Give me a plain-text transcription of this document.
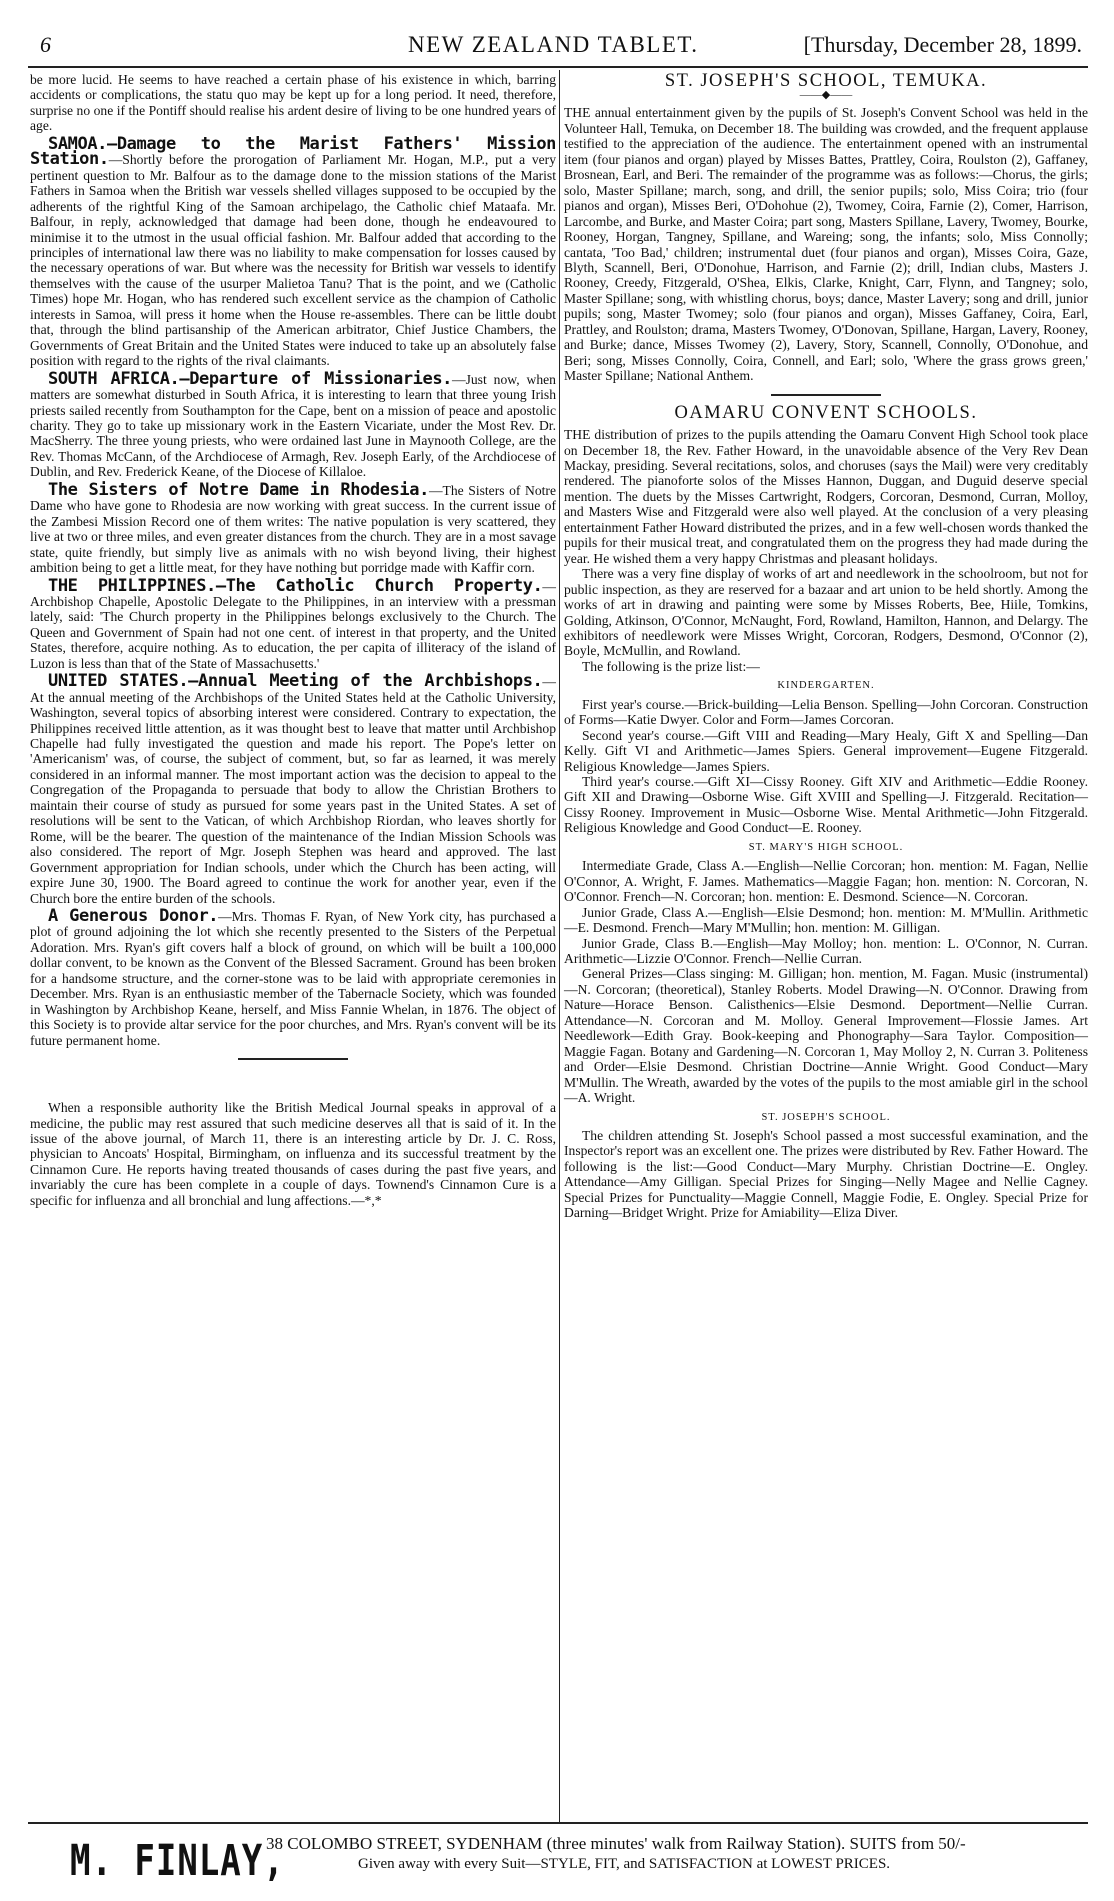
6	NEW ZEALAND TABLET.	[Thursday, December 28, 1899.

be more lucid. He seems to have reached a certain phase of his existence in which, barring accidents or complications, the statu quo may be kept up for a long period. It need, therefore, surprise no one if the Pontiff should realise his ardent desire of living to be one hundred years of age.

SAMOA.—Damage to the Marist Fathers' Mission Station.—Shortly before the prorogation of Parliament Mr. Hogan, M.P., put a very pertinent question to Mr. Balfour as to the damage done to the mission stations of the Marist Fathers in Samoa when the British war vessels shelled villages supposed to be occupied by the adherents of the rightful King of the Samoan archipelago, the Catholic chief Mataafa. Mr. Balfour, in reply, acknowledged that damage had been done, though he endeavoured to minimise it to the utmost in the usual official fashion. Mr. Balfour added that according to the principles of international law there was no liability to make compensation for losses caused by the necessary operations of war. But where was the necessity for British war vessels to identify themselves with the cause of the usurper Malietoa Tanu? That is the point, and we (Catholic Times) hope Mr. Hogan, who has rendered such excellent service as the champion of Catholic interests in Samoa, will press it home when the House re-assembles. There can be little doubt that, through the blind partisanship of the American arbitrator, Chief Justice Chambers, the Governments of Great Britain and the United States were induced to take up an absolutely false position with regard to the rights of the rival claimants.

SOUTH AFRICA.—Departure of Missionaries.—Just now, when matters are somewhat disturbed in South Africa, it is interesting to learn that three young Irish priests sailed recently from Southampton for the Cape, bent on a mission of peace and apostolic charity. They go to take up missionary work in the Eastern Vicariate, under the Most Rev. Dr. MacSherry. The three young priests, who were ordained last June in Maynooth College, are the Rev. Thomas McCann, of the Archdiocese of Armagh, Rev. Joseph Early, of the Archdiocese of Dublin, and Rev. Frederick Keane, of the Diocese of Killaloe.

The Sisters of Notre Dame in Rhodesia.—The Sisters of Notre Dame who have gone to Rhodesia are now working with great success. In the current issue of the Zambesi Mission Record one of them writes: The native population is very scattered, they live at two or three miles, and even greater distances from the church. They are in a most savage state, quite friendly, but simply live as animals with no wish beyond living, their highest ambition being to get a little meat, for they have nothing but porridge made with Kaffir corn.

THE PHILIPPINES.—The Catholic Church Property.—Archbishop Chapelle, Apostolic Delegate to the Philippines, in an interview with a pressman lately, said: 'The Church property in the Philippines belongs exclusively to the Church. The Queen and Government of Spain had not one cent. of interest in that property, and the United States, therefore, acquire nothing. As to education, the per capita of illiteracy of the island of Luzon is less than that of the State of Massachusetts.'

UNITED STATES.—Annual Meeting of the Archbishops.—At the annual meeting of the Archbishops of the United States held at the Catholic University, Washington, several topics of absorbing interest were considered. Contrary to expectation, the Philippines received little attention, as it was thought best to leave that matter until Archbishop Chapelle had fully investigated the question and made his report. The Pope's letter on 'Americanism' was, of course, the subject of comment, but, so far as learned, it was merely considered in an informal manner. The most important action was the decision to appeal to the Congregation of the Propaganda to persuade that body to allow the Christian Brothers to maintain their course of study as pursued for some years past in the United States. A set of resolutions will be sent to the Vatican, of which Archbishop Riordan, who leaves shortly for Rome, will be the bearer. The question of the maintenance of the Indian Mission Schools was also considered. The report of Mgr. Joseph Stephen was heard and approved. The last Government appropriation for Indian schools, under which the Church has been acting, will expire June 30, 1900. The Board agreed to continue the work for another year, even if the Church bore the entire burden of the schools.

A Generous Donor.—Mrs. Thomas F. Ryan, of New York city, has purchased a plot of ground adjoining the lot which she recently presented to the Sisters of the Perpetual Adoration. Mrs. Ryan's gift covers half a block of ground, on which will be built a 100,000 dollar convent, to be known as the Convent of the Blessed Sacrament. Ground has been broken for a handsome structure, and the corner-stone was to be laid with appropriate ceremonies in December. Mrs. Ryan is an enthusiastic member of the Tabernacle Society, which was founded in Washington by Archbishop Keane, herself, and Miss Fannie Whelan, in 1876. The object of this Society is to provide altar service for the poor churches, and Mrs. Ryan's convent will be its future permanent home.

When a responsible authority like the British Medical Journal speaks in approval of a medicine, the public may rest assured that such medicine deserves all that is said of it. In the issue of the above journal, of March 11, there is an interesting article by Dr. J. C. Ross, physician to Ancoats' Hospital, Birmingham, on influenza and its successful treatment by the Cinnamon Cure. He reports having treated thousands of cases during the past five years, and invariably the cure has been complete in a couple of days. Townend's Cinnamon Cure is a specific for influenza and all bronchial and lung affections.—*,*

ST. JOSEPH'S SCHOOL, TEMUKA.
——◆——

THE annual entertainment given by the pupils of St. Joseph's Convent School was held in the Volunteer Hall, Temuka, on December 18. The building was crowded, and the frequent applause testified to the appreciation of the audience. The entertainment opened with an instrumental item (four pianos and organ) played by Misses Battes, Prattley, Coira, Roulston (2), Gaffaney, Brosnean, Earl, and Beri. The remainder of the programme was as follows:—Chorus, the girls; solo, Master Spillane; march, song, and drill, the senior pupils; solo, Miss Coira; trio (four pianos and organ), Misses Beri, O'Dohohue (2), Twomey, Coira, Farnie (2), Comer, Harrison, Larcombe, and Burke, and Master Coira; part song, Masters Spillane, Lavery, Twomey, Bourke, Rooney, Horgan, Tangney, Spillane, and Wareing; song, the infants; solo, Miss Connolly; cantata, 'Too Bad,' children; instrumental duet (four pianos and organ), Misses Coira, Gaze, Blyth, Scannell, Beri, O'Donohue, Harrison, and Farnie (2); drill, Indian clubs, Masters J. Rooney, Creedy, Fitzgerald, O'Shea, Elkis, Clarke, Knight, Carr, Flynn, and Tangney; solo, Master Spillane; song, with whistling chorus, boys; dance, Master Lavery; song and drill, junior pupils; song, Master Twomey; solo (four pianos and organ), Misses Gaffaney, Coira, Earl, Prattley, and Roulston; drama, Masters Twomey, O'Donovan, Spillane, Hargan, Lavery, Rooney, and Burke; dance, Misses Twomey (2), Lavery, Story, Scannell, Connolly, O'Donohue, and Beri; song, Misses Connolly, Coira, Connell, and Earl; solo, 'Where the grass grows green,' Master Spillane; National Anthem.

OAMARU CONVENT SCHOOLS.

THE distribution of prizes to the pupils attending the Oamaru Convent High School took place on December 18, the Rev. Father Howard, in the unavoidable absence of the Very Rev Dean Mackay, presiding. Several recitations, solos, and choruses (says the Mail) were very creditably rendered. The pianoforte solos of the Misses Hannon, Duggan, and Duguid deserve special mention. The duets by the Misses Cartwright, Rodgers, Corcoran, Desmond, Curran, Molloy, and Masters Wise and Fitzgerald were also well played. At the conclusion of a very pleasing entertainment Father Howard distributed the prizes, and in a few well-chosen words thanked the pupils for their musical treat, and congratulated them on the progress they had made during the year. He wished them a very happy Christmas and pleasant holidays.

There was a very fine display of works of art and needlework in the schoolroom, but not for public inspection, as they are reserved for a bazaar and art union to be held shortly. Among the works of art in drawing and painting were some by Misses Roberts, Bee, Hiile, Tomkins, Golding, Atkinson, O'Connor, McNaught, Ford, Rowland, Hamilton, Hannon, and Delargy. The exhibitors of needlework were Misses Wright, Corcoran, Rodgers, Desmond, O'Connor (2), Boyle, McMullin, and Rowland.

The following is the prize list:—

KINDERGARTEN.

First year's course.—Brick-building—Lelia Benson. Spelling—John Corcoran. Construction of Forms—Katie Dwyer. Color and Form—James Corcoran.

Second year's course.—Gift VIII and Reading—Mary Healy, Gift X and Spelling—Dan Kelly. Gift VI and Arithmetic—James Spiers. General improvement—Eugene Fitzgerald. Religious Knowledge—James Spiers.

Third year's course.—Gift XI—Cissy Rooney. Gift XIV and Arithmetic—Eddie Rooney. Gift XII and Drawing—Osborne Wise. Gift XVIII and Spelling—J. Fitzgerald. Recitation—Cissy Rooney. Improvement in Music—Osborne Wise. Mental Arithmetic—John Fitzgerald. Religious Knowledge and Good Conduct—E. Rooney.

ST. MARY'S HIGH SCHOOL.

Intermediate Grade, Class A.—English—Nellie Corcoran; hon. mention: M. Fagan, Nellie O'Connor, A. Wright, F. James. Mathematics—Maggie Fagan; hon. mention: N. Corcoran, N. O'Connor. French—N. Corcoran; hon. mention: E. Desmond. Science—N. Corcoran.

Junior Grade, Class A.—English—Elsie Desmond; hon. mention: M. M'Mullin. Arithmetic—E. Desmond. French—Mary M'Mullin; hon. mention: M. Gilligan.

Junior Grade, Class B.—English—May Molloy; hon. mention: L. O'Connor, N. Curran. Arithmetic—Lizzie O'Connor. French—Nellie Curran.

General Prizes—Class singing: M. Gilligan; hon. mention, M. Fagan. Music (instrumental)—N. Corcoran; (theoretical), Stanley Roberts. Model Drawing—N. O'Connor. Drawing from Nature—Horace Benson. Calisthenics—Elsie Desmond. Deportment—Nellie Curran. Attendance—N. Corcoran and M. Molloy. General Improvement—Flossie James. Art Needlework—Edith Gray. Book-keeping and Phonography—Sara Taylor. Composition—Maggie Fagan. Botany and Gardening—N. Corcoran 1, May Molloy 2, N. Curran 3. Politeness and Order—Elsie Desmond. Christian Doctrine—Annie Wright. Good Conduct—Mary M'Mullin. The Wreath, awarded by the votes of the pupils to the most amiable girl in the school—A. Wright.

ST. JOSEPH'S SCHOOL.

The children attending St. Joseph's School passed a most successful examination, and the Inspector's report was an excellent one. The prizes were distributed by Rev. Father Howard. The following is the list:—Good Conduct—Mary Murphy. Christian Doctrine—E. Ongley. Attendance—Amy Gilligan. Special Prizes for Singing—Nelly Magee and Nellie Cagney. Special Prizes for Punctuality—Maggie Connell, Maggie Fodie, E. Ongley. Special Prize for Darning—Bridget Wright. Prize for Amiability—Eliza Diver.

M. FINLAY,
38 COLOMBO STREET, SYDENHAM (three minutes' walk from Railway Station). SUITS from 50/-
Given away with every Suit—STYLE, FIT, and SATISFACTION at LOWEST PRICES.
